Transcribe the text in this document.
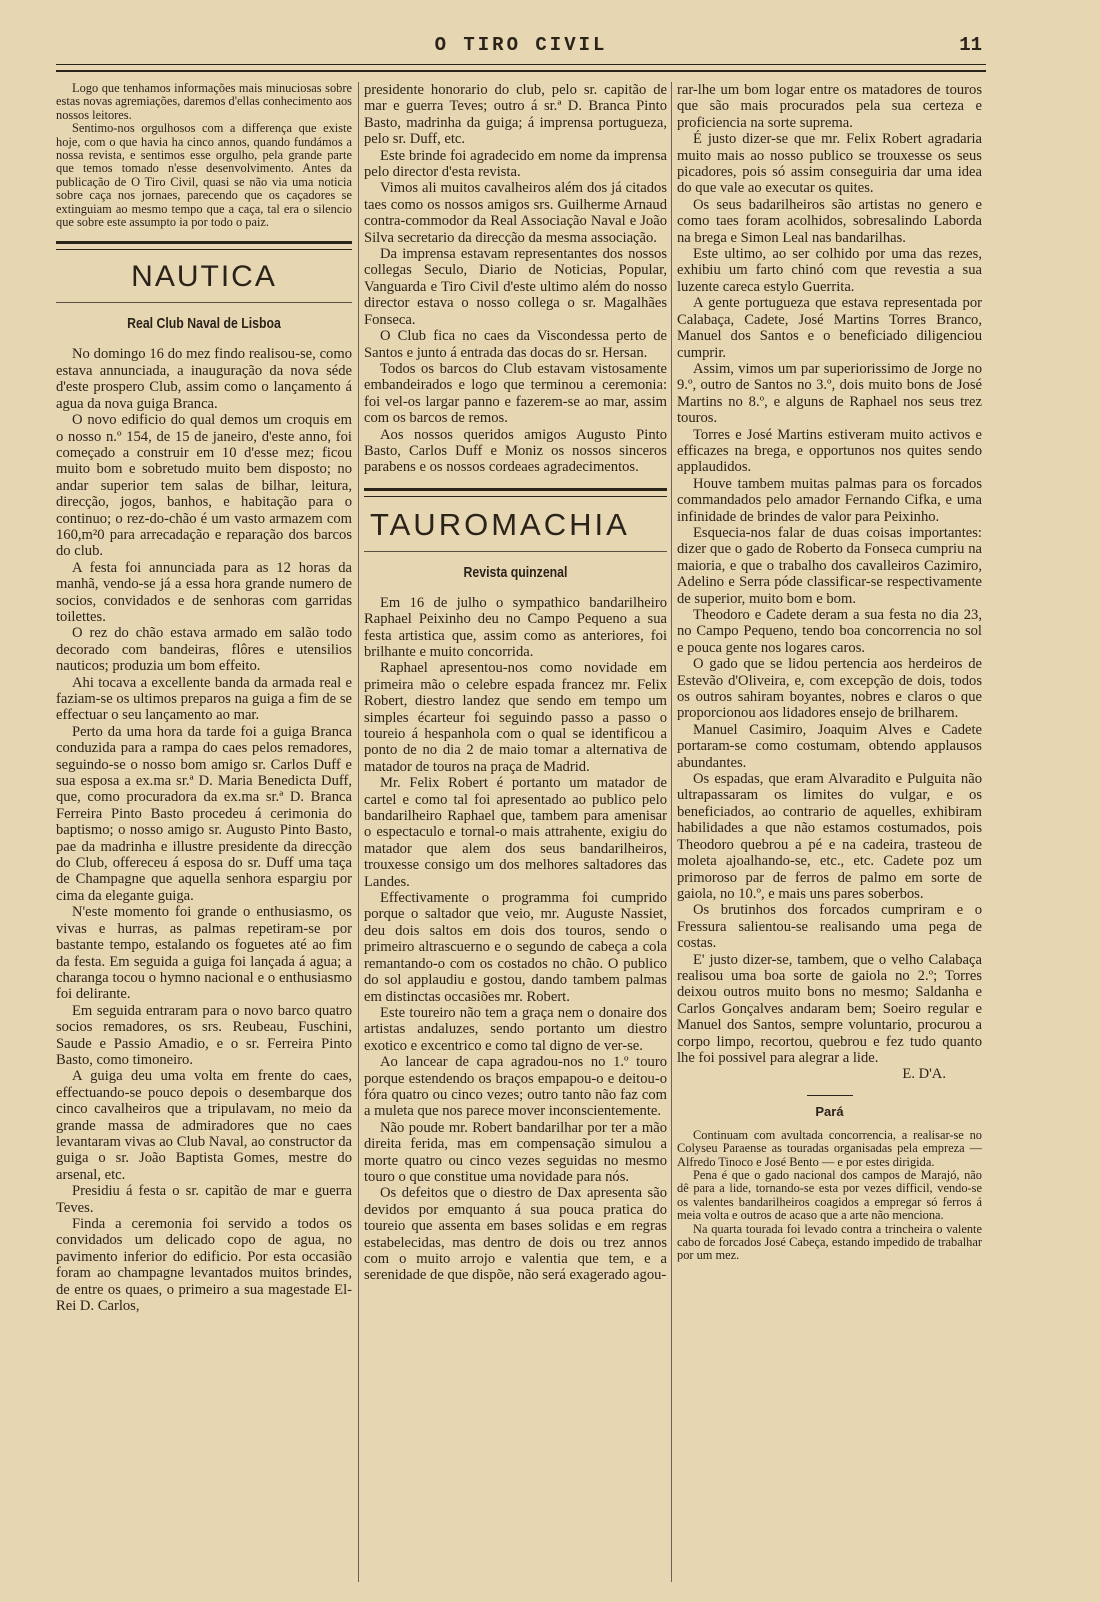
O TIRO CIVIL	11

Logo que tenhamos informações mais minuciosas sobre estas novas agremiações, daremos d'ellas conhecimento aos nossos leitores.

Sentimo-nos orgulhosos com a differença que existe hoje, com o que havia ha cinco annos, quando fundámos a nossa revista, e sentimos esse orgulho, pela grande parte que temos tomado n'esse desenvolvimento. Antes da publicação de O Tiro Civil, quasi se não via uma noticia sobre caça nos jornaes, parecendo que os caçadores se extinguiam ao mesmo tempo que a caça, tal era o silencio que sobre este assumpto ia por todo o paiz.

NAUTICA
Real Club Naval de Lisboa

No domingo 16 do mez findo realisou-se, como estava annunciada, a inauguração da nova séde d'este prospero Club, assim como o lançamento á agua da nova guiga Branca.

O novo edificio do qual demos um croquis em o nosso n.º 154, de 15 de janeiro, d'este anno, foi começado a construir em 10 d'esse mez; ficou muito bom e sobretudo muito bem disposto; no andar superior tem salas de bilhar, leitura, direcção, jogos, banhos, e habitação para o continuo; o rez-do-chão é um vasto armazem com 160,m²0 para arrecadação e reparação dos barcos do club.

A festa foi annunciada para as 12 horas da manhã, vendo-se já a essa hora grande numero de socios, convidados e de senhoras com garridas toilettes.

O rez do chão estava armado em salão todo decorado com bandeiras, flôres e utensilios nauticos; produzia um bom effeito.

Ahi tocava a excellente banda da armada real e faziam-se os ultimos preparos na guiga a fim de se effectuar o seu lançamento ao mar.

Perto da uma hora da tarde foi a guiga Branca conduzida para a rampa do caes pelos remadores, seguindo-se o nosso bom amigo sr. Carlos Duff e sua esposa a ex.ma sr.ª D. Maria Benedicta Duff, que, como procuradora da ex.ma sr.ª D. Branca Ferreira Pinto Basto procedeu á cerimonia do baptismo; o nosso amigo sr. Augusto Pinto Basto, pae da madrinha e illustre presidente da direcção do Club, offereceu á esposa do sr. Duff uma taça de Champagne que aquella senhora espargiu por cima da elegante guiga.

N'este momento foi grande o enthusiasmo, os vivas e hurras, as palmas repetiram-se por bastante tempo, estalando os foguetes até ao fim da festa. Em seguida a guiga foi lançada á agua; a charanga tocou o hymno nacional e o enthusiasmo foi delirante.

Em seguida entraram para o novo barco quatro socios remadores, os srs. Reubeau, Fuschini, Saude e Passio Amadio, e o sr. Ferreira Pinto Basto, como timoneiro.

A guiga deu uma volta em frente do caes, effectuando-se pouco depois o desembarque dos cinco cavalheiros que a tripulavam, no meio da grande massa de admiradores que no caes levantaram vivas ao Club Naval, ao constructor da guiga o sr. João Baptista Gomes, mestre do arsenal, etc.

Presidiu á festa o sr. capitão de mar e guerra Teves.

Finda a ceremonia foi servido a todos os convidados um delicado copo de agua, no pavimento inferior do edificio. Por esta occasião foram ao champagne levantados muitos brindes, de entre os quaes, o primeiro a sua magestade El-Rei D. Carlos,

presidente honorario do club, pelo sr. capitão de mar e guerra Teves; outro á sr.ª D. Branca Pinto Basto, madrinha da guiga; á imprensa portugueza, pelo sr. Duff, etc.

Este brinde foi agradecido em nome da imprensa pelo director d'esta revista.

Vimos ali muitos cavalheiros além dos já citados taes como os nossos amigos srs. Guilherme Arnaud contra-commodor da Real Associação Naval e João Silva secretario da direcção da mesma associação.

Da imprensa estavam representantes dos nossos collegas Seculo, Diario de Noticias, Popular, Vanguarda e Tiro Civil d'este ultimo além do nosso director estava o nosso collega o sr. Magalhães Fonseca.

O Club fica no caes da Viscondessa perto de Santos e junto á entrada das docas do sr. Hersan.

Todos os barcos do Club estavam vistosamente embandeirados e logo que terminou a ceremonia: foi vel-os largar panno e fazerem-se ao mar, assim com os barcos de remos.

Aos nossos queridos amigos Augusto Pinto Basto, Carlos Duff e Moniz os nossos sinceros parabens e os nossos cordeaes agradecimentos.

TAUROMACHIA
Revista quinzenal

Em 16 de julho o sympathico bandarilheiro Raphael Peixinho deu no Campo Pequeno a sua festa artistica que, assim como as anteriores, foi brilhante e muito concorrida.

Raphael apresentou-nos como novidade em primeira mão o celebre espada francez mr. Felix Robert, diestro landez que sendo em tempo um simples écarteur foi seguindo passo a passo o toureio á hespanhola com o qual se identificou a ponto de no dia 2 de maio tomar a alternativa de matador de touros na praça de Madrid.

Mr. Felix Robert é portanto um matador de cartel e como tal foi apresentado ao publico pelo bandarilheiro Raphael que, tambem para amenisar o espectaculo e tornal-o mais attrahente, exigiu do matador que alem dos seus bandarilheiros, trouxesse consigo um dos melhores saltadores das Landes.

Effectivamente o programma foi cumprido porque o saltador que veio, mr. Auguste Nassiet, deu dois saltos em dois dos touros, sendo o primeiro altrascuerno e o segundo de cabeça a cola remantando-o com os costados no chão. O publico do sol applaudiu e gostou, dando tambem palmas em distinctas occasiões mr. Robert.

Este toureiro não tem a graça nem o donaire dos artistas andaluzes, sendo portanto um diestro exotico e excentrico e como tal digno de ver-se.

Ao lancear de capa agradou-nos no 1.º touro porque estendendo os braços empapou-o e deitou-o fóra quatro ou cinco vezes; outro tanto não faz com a muleta que nos parece mover inconscientemente.

Não poude mr. Robert bandarilhar por ter a mão direita ferida, mas em compensação simulou a morte quatro ou cinco vezes seguidas no mesmo touro o que constitue uma novidade para nós.

Os defeitos que o diestro de Dax apresenta são devidos por emquanto á sua pouca pratica do toureio que assenta em bases solidas e em regras estabelecidas, mas dentro de dois ou trez annos com o muito arrojo e valentia que tem, e a serenidade de que dispõe, não será exagerado agou-

rar-lhe um bom logar entre os matadores de touros que são mais procurados pela sua certeza e proficiencia na sorte suprema.

É justo dizer-se que mr. Felix Robert agradaria muito mais ao nosso publico se trouxesse os seus picadores, pois só assim conseguiria dar uma idea do que vale ao executar os quites.

Os seus badarilheiros são artistas no genero e como taes foram acolhidos, sobresalindo Laborda na brega e Simon Leal nas bandarilhas.

Este ultimo, ao ser colhido por uma das rezes, exhibiu um farto chinó com que revestia a sua luzente careca estylo Guerrita.

A gente portugueza que estava representada por Calabaça, Cadete, José Martins Torres Branco, Manuel dos Santos e o beneficiado diligenciou cumprir.

Assim, vimos um par superiorissimo de Jorge no 9.º, outro de Santos no 3.º, dois muito bons de José Martins no 8.º, e alguns de Raphael nos seus trez touros.

Torres e José Martins estiveram muito activos e efficazes na brega, e opportunos nos quites sendo applaudidos.

Houve tambem muitas palmas para os forcados commandados pelo amador Fernando Cifka, e uma infinidade de brindes de valor para Peixinho.

Esquecia-nos falar de duas coisas importantes: dizer que o gado de Roberto da Fonseca cumpriu na maioria, e que o trabalho dos cavalleiros Cazimiro, Adelino e Serra póde classificar-se respectivamente de superior, muito bom e bom.

Theodoro e Cadete deram a sua festa no dia 23, no Campo Pequeno, tendo boa concorrencia no sol e pouca gente nos logares caros.

O gado que se lidou pertencia aos herdeiros de Estevão d'Oliveira, e, com excepção de dois, todos os outros sahiram boyantes, nobres e claros o que proporcionou aos lidadores ensejo de brilharem.

Manuel Casimiro, Joaquim Alves e Cadete portaram-se como costumam, obtendo applausos abundantes.

Os espadas, que eram Alvaradito e Pulguita não ultrapassaram os limites do vulgar, e os beneficiados, ao contrario de aquelles, exhibiram habilidades a que não estamos costumados, pois Theodoro quebrou a pé e na cadeira, trasteou de moleta ajoalhando-se, etc., etc. Cadete poz um primoroso par de ferros de palmo em sorte de gaiola, no 10.º, e mais uns pares soberbos.

Os brutinhos dos forcados cumpriram e o Fressura salientou-se realisando uma pega de costas.

E' justo dizer-se, tambem, que o velho Calabaça realisou uma boa sorte de gaiola no 2.º; Torres deixou outros muito bons no mesmo; Saldanha e Carlos Gonçalves andaram bem; Soeiro regular e Manuel dos Santos, sempre voluntario, procurou a corpo limpo, recortou, quebrou e fez tudo quanto lhe foi possivel para alegrar a lide.

E. D'A.
Pará

Continuam com avultada concorrencia, a realisar-se no Colyseu Paraense as touradas organisadas pela empreza — Alfredo Tinoco e José Bento — e por estes dirigida.

Pena é que o gado nacional dos campos de Marajó, não dê para a lide, tornando-se esta por vezes difficil, vendo-se os valentes bandarilheiros coagidos a empregar só ferros á meia volta e outros de acaso que a arte não menciona.

Na quarta tourada foi levado contra a trincheira o valente cabo de forcados José Cabeça, estando impedido de trabalhar por um mez.
